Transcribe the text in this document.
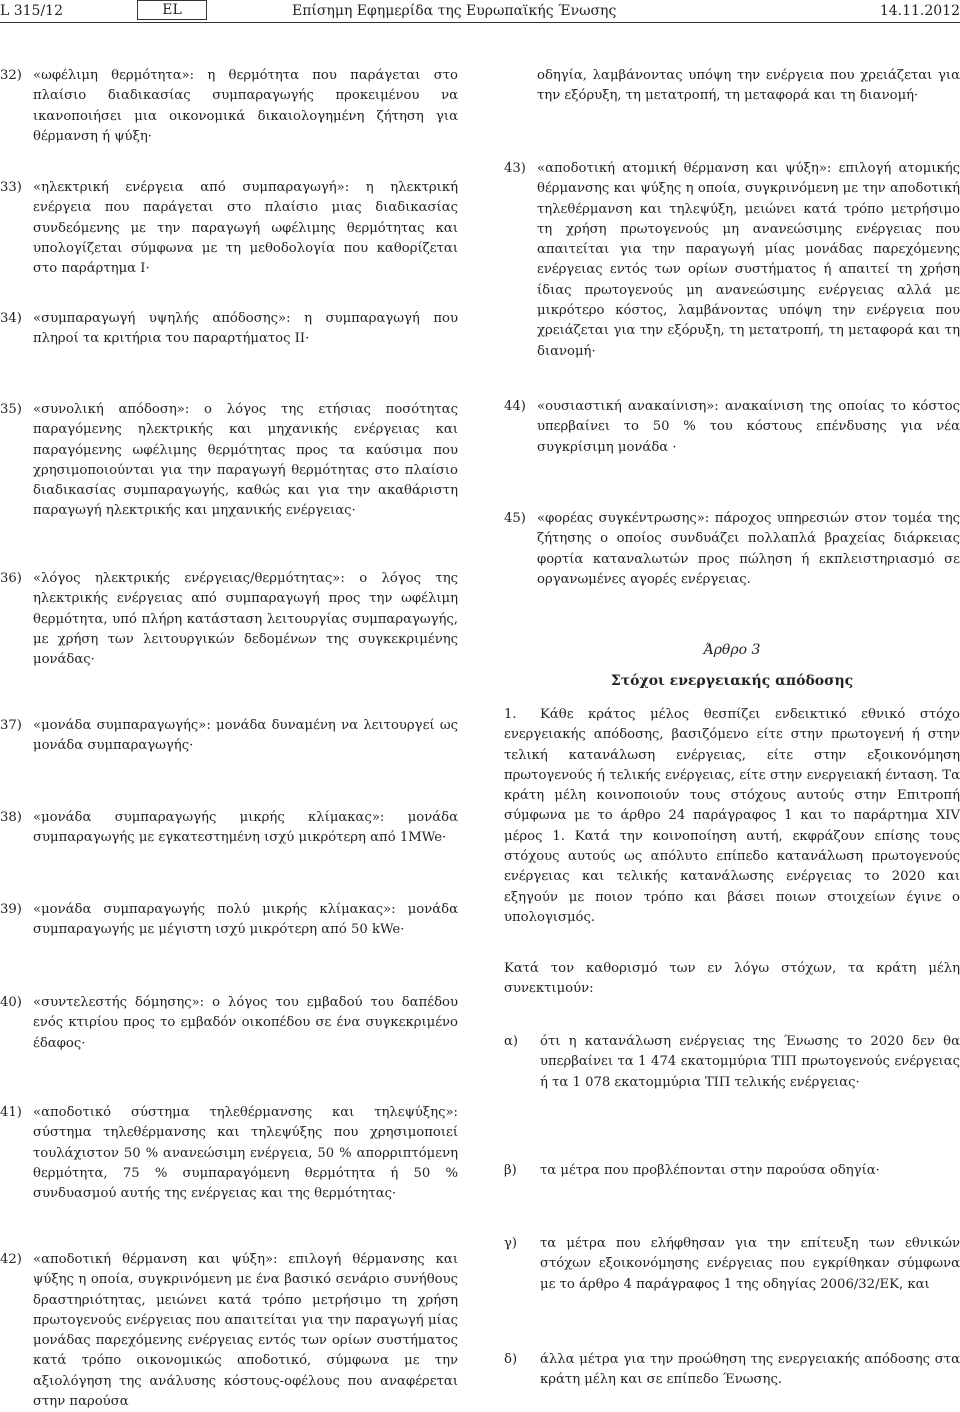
L 315/12	EL	Επίσημη Εφημερίδα της Ευρωπαϊκής Ένωσης	14.11.2012
32) «ωφέλιμη θερμότητα»: η θερμότητα που παράγεται στο πλαίσιο διαδικασίας συμπαραγωγής προκειμένου να ικανοποιήσει μια οικονομικά δικαιολογημένη ζήτηση για θέρμανση ή ψύξη·
33) «ηλεκτρική ενέργεια από συμπαραγωγή»: η ηλεκτρική ενέργεια που παράγεται στο πλαίσιο μιας διαδικασίας συνδεόμενης με την παραγωγή ωφέλιμης θερμότητας και υπολογίζεται σύμφωνα με τη μεθοδολογία που καθορίζεται στο παράρτημα I·
34) «συμπαραγωγή υψηλής απόδοσης»: η συμπαραγωγή που πληροί τα κριτήρια του παραρτήματος II·
35) «συνολική απόδοση»: ο λόγος της ετήσιας ποσότητας παραγόμενης ηλεκτρικής και μηχανικής ενέργειας και παραγόμενης ωφέλιμης θερμότητας προς τα καύσιμα που χρησιμοποιούνται για την παραγωγή θερμότητας στο πλαίσιο διαδικασίας συμπαραγωγής, καθώς και για την ακαθάριστη παραγωγή ηλεκτρικής και μηχανικής ενέργειας·
36) «λόγος ηλεκτρικής ενέργειας/θερμότητας»: ο λόγος της ηλεκτρικής ενέργειας από συμπαραγωγή προς την ωφέλιμη θερμότητα, υπό πλήρη κατάσταση λειτουργίας συμπαραγωγής, με χρήση των λειτουργικών δεδομένων της συγκεκριμένης μονάδας·
37) «μονάδα συμπαραγωγής»: μονάδα δυναμένη να λειτουργεί ως μονάδα συμπαραγωγής·
38) «μονάδα συμπαραγωγής μικρής κλίμακας»: μονάδα συμπαραγωγής με εγκατεστημένη ισχύ μικρότερη από 1MWe·
39) «μονάδα συμπαραγωγής πολύ μικρής κλίμακας»: μονάδα συμπαραγωγής με μέγιστη ισχύ μικρότερη από 50 kWe·
40) «συντελεστής δόμησης»: ο λόγος του εμβαδού του δαπέδου ενός κτιρίου προς το εμβαδόν οικοπέδου σε ένα συγκεκριμένο έδαφος·
41) «αποδοτικό σύστημα τηλεθέρμανσης και τηλεψύξης»: σύστημα τηλεθέρμανσης και τηλεψύξης που χρησιμοποιεί τουλάχιστον 50 % ανανεώσιμη ενέργεια, 50 % απορριπτόμενη θερμότητα, 75 % συμπαραγόμενη θερμότητα ή 50 % συνδυασμού αυτής της ενέργειας και της θερμότητας·
42) «αποδοτική θέρμανση και ψύξη»: επιλογή θέρμανσης και ψύξης η οποία, συγκρινόμενη με ένα βασικό σενάριο συνήθους δραστηριότητας, μειώνει κατά τρόπο μετρήσιμο τη χρήση πρωτογενούς ενέργειας που απαιτείται για την παραγωγή μίας μονάδας παρεχόμενης ενέργειας εντός των ορίων συστήματος κατά τρόπο οικονομικώς αποδοτικό, σύμφωνα με την αξιολόγηση της ανάλυσης κόστους-οφέλους που αναφέρεται στην παρούσα
οδηγία, λαμβάνοντας υπόψη την ενέργεια που χρειάζεται για την εξόρυξη, τη μετατροπή, τη μεταφορά και τη διανομή·
43) «αποδοτική ατομική θέρμανση και ψύξη»: επιλογή ατομικής θέρμανσης και ψύξης η οποία, συγκρινόμενη με την αποδοτική τηλεθέρμανση και τηλεψύξη, μειώνει κατά τρόπο μετρήσιμο τη χρήση πρωτογενούς μη ανανεώσιμης ενέργειας που απαιτείται για την παραγωγή μίας μονάδας παρεχόμενης ενέργειας εντός των ορίων συστήματος ή απαιτεί τη χρήση ίδιας πρωτογενούς μη ανανεώσιμης ενέργειας αλλά με μικρότερο κόστος, λαμβάνοντας υπόψη την ενέργεια που χρειάζεται για την εξόρυξη, τη μετατροπή, τη μεταφορά και τη διανομή·
44) «ουσιαστική ανακαίνιση»: ανακαίνιση της οποίας το κόστος υπερβαίνει το 50 % του κόστους επένδυσης για νέα συγκρίσιμη μονάδα ·
45) «φορέας συγκέντρωσης»: πάροχος υπηρεσιών στον τομέα της ζήτησης ο οποίος συνδυάζει πολλαπλά βραχείας διάρκειας φορτία καταναλωτών προς πώληση ή εκπλειστηριασμό σε οργανωμένες αγορές ενέργειας.
Άρθρο 3
Στόχοι ενεργειακής απόδοσης
1. Κάθε κράτος μέλος θεσπίζει ενδεικτικό εθνικό στόχο ενεργειακής απόδοσης, βασιζόμενο είτε στην πρωτογενή ή στην τελική κατανάλωση ενέργειας, είτε στην εξοικονόμηση πρωτογενούς ή τελικής ενέργειας, είτε στην ενεργειακή ένταση. Τα κράτη μέλη κοινοποιούν τους στόχους αυτούς στην Επιτροπή σύμφωνα με το άρθρο 24 παράγραφος 1 και το παράρτημα XIV μέρος 1. Κατά την κοινοποίηση αυτή, εκφράζουν επίσης τους στόχους αυτούς ως απόλυτο επίπεδο κατανάλωση πρωτογενούς ενέργειας και τελικής κατανάλωσης ενέργειας το 2020 και εξηγούν με ποιον τρόπο και βάσει ποιων στοιχείων έγινε ο υπολογισμός.
Κατά τον καθορισμό των εν λόγω στόχων, τα κράτη μέλη συνεκτιμούν:
α) ότι η κατανάλωση ενέργειας της Ένωσης το 2020 δεν θα υπερβαίνει τα 1 474 εκατομμύρια ΤΙΠ πρωτογενούς ενέργειας ή τα 1 078 εκατομμύρια ΤΙΠ τελικής ενέργειας·
β) τα μέτρα που προβλέπονται στην παρούσα οδηγία·
γ) τα μέτρα που ελήφθησαν για την επίτευξη των εθνικών στόχων εξοικονόμησης ενέργειας που εγκρίθηκαν σύμφωνα με το άρθρο 4 παράγραφος 1 της οδηγίας 2006/32/ΕΚ, και
δ) άλλα μέτρα για την προώθηση της ενεργειακής απόδοσης στα κράτη μέλη και σε επίπεδο Ένωσης.
